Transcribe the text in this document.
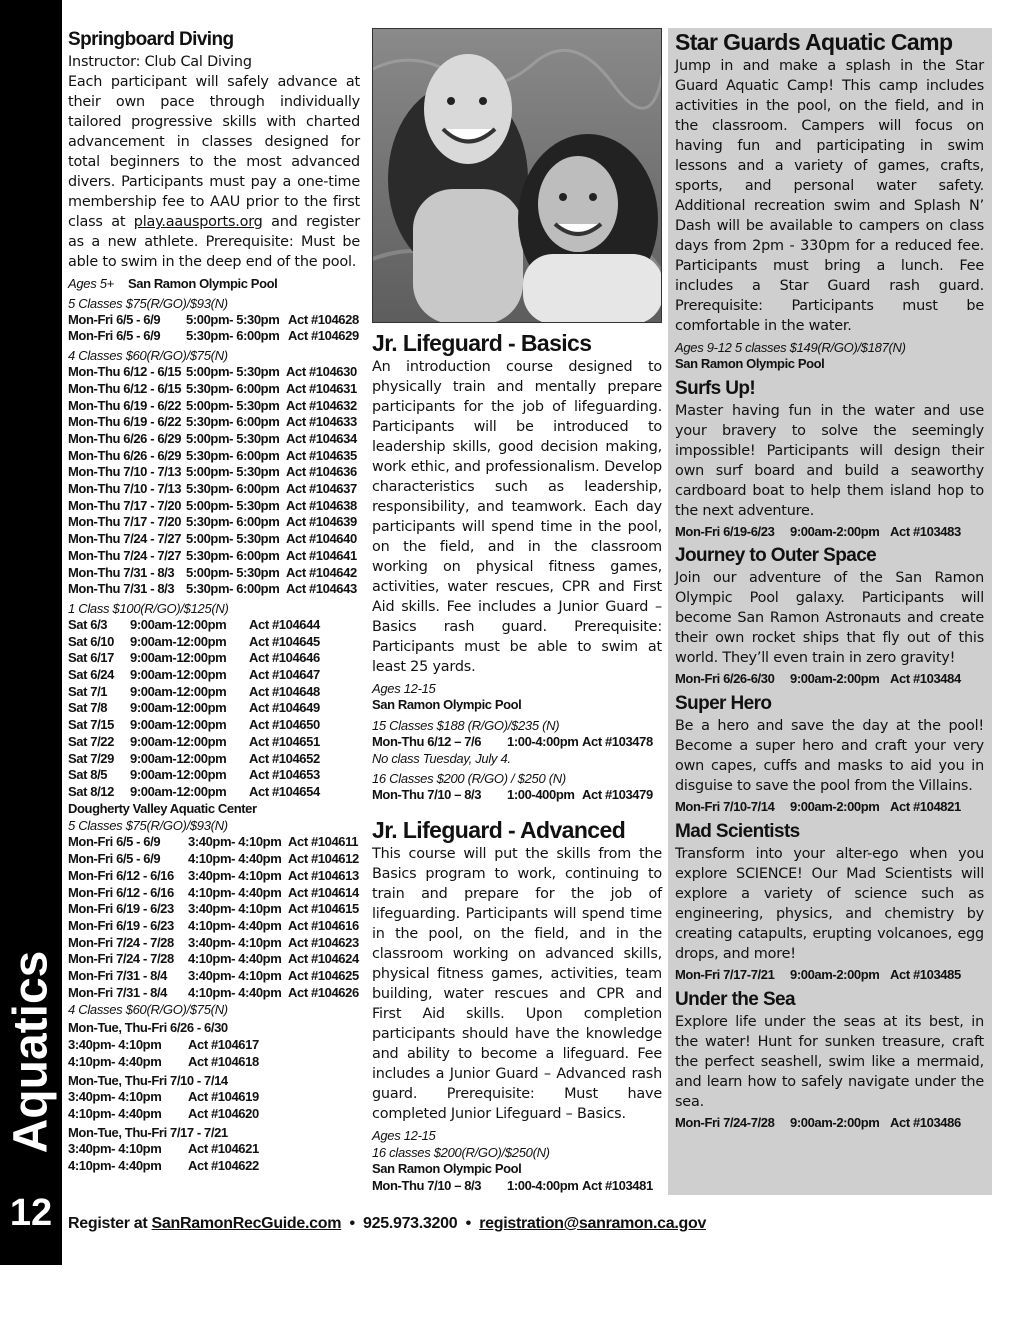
Aquatics
12
Springboard Diving
Instructor: Club Cal Diving
Each participant will safely advance at their own pace through individually tailored progressive skills with charted advancement in classes designed for total beginners to the most advanced divers. Participants must pay a one-time membership fee to AAU prior to the first class at play.aausports.org and register as a new athlete. Prerequisite: Must be able to swim in the deep end of the pool.
Ages 5+ San Ramon Olympic Pool
5 Classes $75(R/GO)/$93(N)
Mon-Fri 6/5 - 6/9	5:00pm- 5:30pm Act #104628
Mon-Fri 6/5 - 6/9	5:30pm- 6:00pm Act #104629
4 Classes $60(R/GO)/$75(N)
Mon-Thu 6/12 - 6/15 5:00pm- 5:30pm Act #104630
Mon-Thu 6/12 - 6/15 5:30pm- 6:00pm Act #104631
Mon-Thu 6/19 - 6/22 5:00pm- 5:30pm Act #104632
Mon-Thu 6/19 - 6/22 5:30pm- 6:00pm Act #104633
Mon-Thu 6/26 - 6/29 5:00pm- 5:30pm Act #104634
Mon-Thu 6/26 - 6/29 5:30pm- 6:00pm Act #104635
Mon-Thu 7/10 - 7/13 5:00pm- 5:30pm Act #104636
Mon-Thu 7/10 - 7/13 5:30pm- 6:00pm Act #104637
Mon-Thu 7/17 - 7/20 5:00pm- 5:30pm Act #104638
Mon-Thu 7/17 - 7/20 5:30pm- 6:00pm Act #104639
Mon-Thu 7/24 - 7/27 5:00pm- 5:30pm Act #104640
Mon-Thu 7/24 - 7/27 5:30pm- 6:00pm Act #104641
Mon-Thu 7/31 - 8/3 5:00pm- 5:30pm Act #104642
Mon-Thu 7/31 - 8/3 5:30pm- 6:00pm Act #104643
1 Class $100(R/GO)/$125(N)
Sat 6/3	9:00am-12:00pm	Act #104644
Sat 6/10	9:00am-12:00pm	Act #104645
Sat 6/17	9:00am-12:00pm	Act #104646
Sat 6/24	9:00am-12:00pm	Act #104647
Sat 7/1	9:00am-12:00pm	Act #104648
Sat 7/8	9:00am-12:00pm	Act #104649
Sat 7/15	9:00am-12:00pm	Act #104650
Sat 7/22	9:00am-12:00pm	Act #104651
Sat 7/29	9:00am-12:00pm	Act #104652
Sat 8/5	9:00am-12:00pm	Act #104653
Sat 8/12	9:00am-12:00pm	Act #104654
Dougherty Valley Aquatic Center
5 Classes $75(R/GO)/$93(N)
Mon-Fri 6/5 - 6/9	3:40pm- 4:10pm Act #104611
Mon-Fri 6/5 - 6/9	4:10pm- 4:40pm Act #104612
Mon-Fri 6/12 - 6/16	3:40pm- 4:10pm Act #104613
Mon-Fri 6/12 - 6/16	4:10pm- 4:40pm Act #104614
Mon-Fri 6/19 - 6/23	3:40pm- 4:10pm Act #104615
Mon-Fri 6/19 - 6/23	4:10pm- 4:40pm Act #104616
Mon-Fri 7/24 - 7/28	3:40pm- 4:10pm Act #104623
Mon-Fri 7/24 - 7/28	4:10pm- 4:40pm Act #104624
Mon-Fri 7/31 - 8/4	3:40pm- 4:10pm Act #104625
Mon-Fri 7/31 - 8/4	4:10pm- 4:40pm Act #104626
4 Classes $60(R/GO)/$75(N)
Mon-Tue, Thu-Fri 6/26 - 6/30
3:40pm- 4:10pm	Act #104617
4:10pm- 4:40pm	Act #104618
Mon-Tue, Thu-Fri 7/10 - 7/14
3:40pm- 4:10pm	Act #104619
4:10pm- 4:40pm	Act #104620
Mon-Tue, Thu-Fri 7/17 - 7/21
3:40pm- 4:10pm	Act #104621
4:10pm- 4:40pm	Act #104622
Jr. Lifeguard - Basics
An introduction course designed to physically train and mentally prepare participants for the job of lifeguarding. Participants will be introduced to leadership skills, good decision making, work ethic, and professionalism. Develop characteristics such as leadership, responsibility, and teamwork. Each day participants will spend time in the pool, on the field, and in the classroom working on physical fitness games, activities, water rescues, CPR and First Aid skills. Fee includes a Junior Guard – Basics rash guard. Prerequisite: Participants must be able to swim at least 25 yards.
Ages 12-15
San Ramon Olympic Pool
15 Classes $188 (R/GO)/$235 (N)
Mon-Thu 6/12 – 7/6	1:00-4:00pm Act #103478
No class Tuesday, July 4.
16 Classes $200 (R/GO) / $250 (N)
Mon-Thu 7/10 – 8/3	1:00-400pm Act #103479
Jr. Lifeguard - Advanced
This course will put the skills from the Basics program to work, continuing to train and prepare for the job of lifeguarding. Participants will spend time in the pool, on the field, and in the classroom working on advanced skills, physical fitness games, activities, team building, water rescues and CPR and First Aid skills. Upon completion participants should have the knowledge and ability to become a lifeguard. Fee includes a Junior Guard – Advanced rash guard. Prerequisite: Must have completed Junior Lifeguard – Basics.
Ages 12-15
16 classes $200(R/GO)/$250(N)
San Ramon Olympic Pool
Mon-Thu 7/10 – 8/3	1:00-4:00pm Act #103481
Star Guards Aquatic Camp
Jump in and make a splash in the Star Guard Aquatic Camp! This camp includes activities in the pool, on the field, and in the classroom. Campers will focus on having fun and participating in swim lessons and a variety of games, crafts, sports, and personal water safety. Additional recreation swim and Splash N’ Dash will be available to campers on class days from 2pm - 330pm for a reduced fee. Participants must bring a lunch. Fee includes a Star Guard rash guard. Prerequisite: Participants must be comfortable in the water.
Ages 9-12 5 classes $149(R/GO)/$187(N)
San Ramon Olympic Pool
Surfs Up!
Master having fun in the water and use your bravery to solve the seemingly impossible! Participants will design their own surf board and build a seaworthy cardboard boat to help them island hop to the next adventure.
Mon-Fri 6/19-6/23	9:00am-2:00pm Act #103483
Journey to Outer Space
Join our adventure of the San Ramon Olympic Pool galaxy. Participants will become San Ramon Astronauts and create their own rocket ships that fly out of this world. They’ll even train in zero gravity!
Mon-Fri 6/26-6/30	9:00am-2:00pm Act #103484
Super Hero
Be a hero and save the day at the pool! Become a super hero and craft your very own capes, cuffs and masks to aid you in disguise to save the pool from the Villains.
Mon-Fri 7/10-7/14	9:00am-2:00pm Act #104821
Mad Scientists
Transform into your alter-ego when you explore SCIENCE! Our Mad Scientists will explore a variety of science such as engineering, physics, and chemistry by creating catapults, erupting volcanoes, egg drops, and more!
Mon-Fri 7/17-7/21	9:00am-2:00pm Act #103485
Under the Sea
Explore life under the seas at its best, in the water! Hunt for sunken treasure, craft the perfect seashell, swim like a mermaid, and learn how to safely navigate under the sea.
Mon-Fri 7/24-7/28	9:00am-2:00pm Act #103486
Register at SanRamonRecGuide.com  •  925.973.3200  •  registration@sanramon.ca.gov
